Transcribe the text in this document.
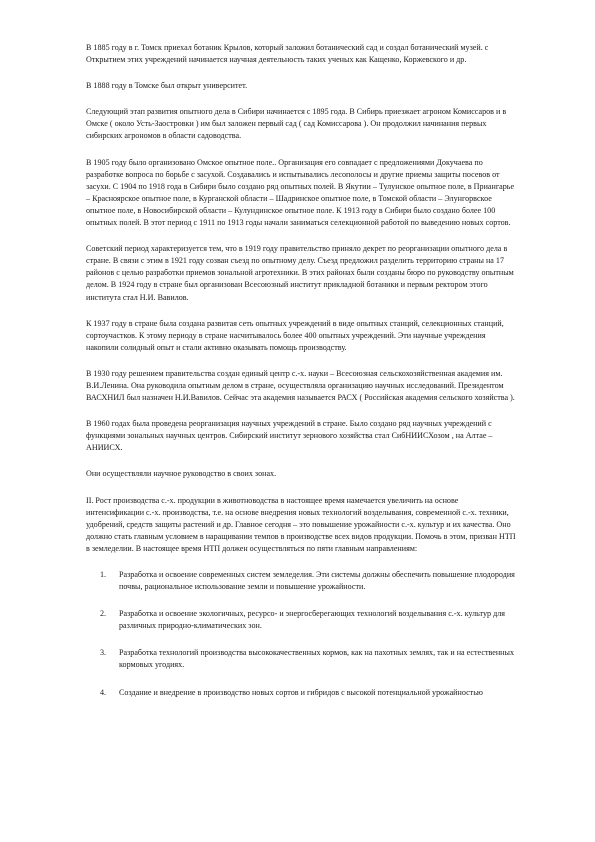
В 1885 году в г. Томск приехал ботаник Крылов, который заложил ботанический сад и создал ботанический музей. с Открытием этих учреждений начинается научная деятельность таких ученых как Кащенко, Коржевского и др.

В 1888 году в Томске был открыт университет.

Следующий этап развития опытного дела в Сибири начинается с 1895 года. В Сибирь приезжает агроном Комиссаров и в Омске ( около Усть-Заостровки ) им был заложен первый сад ( сад Комиссарова ). Он продолжил начинания первых сибирских агрономов в области садоводства.

В 1905 году было организовано Омское опытное поле.. Организация его совпадает с предложениями Докучаева по разработке вопроса по борьбе с засухой. Создавались и испытывались лесополосы и другие приемы защиты посевов от засухи. С 1904 по 1918 года в Сибири было создано ряд опытных полей. В Якутии – Тулунское опытное поле, в Приангарье – Красноярское опытное поле, в Курганской области – Шадринское опытное поле, в Томской области – Элунгорвское опытное поле, в Новосибирской области – Кулундинское опытное поле. К 1913 году в Сибири было создано более 100 опытных полей. В этот период с 1911 по 1913 годы начали заниматься селекционной работой по выведению новых сортов.

Советский период характеризуется тем, что в 1919 году правительство приняло декрет по реорганизации опытного дела в стране. В связи с этим в 1921 году созван съезд по опытному делу. Съезд предложил разделить территорию страны на 17 районов с целью разработки приемов зональной агротехники. В этих районах были созданы бюро по руководству опытным делом. В 1924 году в стране был организован Всесоюзный институт прикладной ботаники и первым ректором этого института стал Н.И. Вавилов.

К 1937 году в стране была создана развитая сеть опытных учреждений в виде опытных станций, селекционных станций, сортоучастков. К этому периоду в стране насчитывалось более 400 опытных учреждений. Эти научные учреждения накопили солидный опыт и стали активно оказывать помощь производству.

В 1930 году решением правительства создан единый центр с.-х. науки – Всесоюзная сельскохозяйственная академия им. В.И.Ленина. Она руководила опытным делом в стране, осуществляла организацию научных исследований. Президентом ВАСХНИЛ был назначен Н.И.Вавилов. Сейчас эта академия называется РАСХ ( Российская академия сельского хозяйства ).

В 1960 годах была проведена реорганизация научных учреждений в стране. Было создано ряд научных учреждений с функциями зональных научных центров. Сибирский институт зернового хозяйства стал СибНИИСХозом , на Алтае – АНИИСХ.

Они осуществляли научное руководство в своих зонах.

II. Рост производства с.-х. продукции в животноводства в настоящее время намечается увеличить на основе интенсификации с.-х. производства, т.е. на основе внедрения новых технологий возделывания, современной с.-х. техники, удобрений, средств защиты растений и др. Главное сегодня – это повышение урожайности с.-х. культур и их качества. Оно должно стать главным условием в наращивании темпов в производстве всех видов продукции. Помочь в этом, призван НТП в земледелии. В настоящее время НТП должен осуществляться по пяти главным направлениям:

1. Разработка и освоение современных систем земледелия. Эти системы должны обеспечить повышение плодородия почвы, рациональное использование земли и повышение урожайности.
2. Разработка и освоение экологичных, ресурсо- и энергосберегающих технологий возделывания с.-х. культур для различных природно-климатических зон.
3. Разработка технологий производства высококачественных кормов, как на пахотных землях, так и на естественных кормовых угодиях.
4. Создание и внедрение в производство новых сортов и гибридов с высокой потенциальной урожайностью
